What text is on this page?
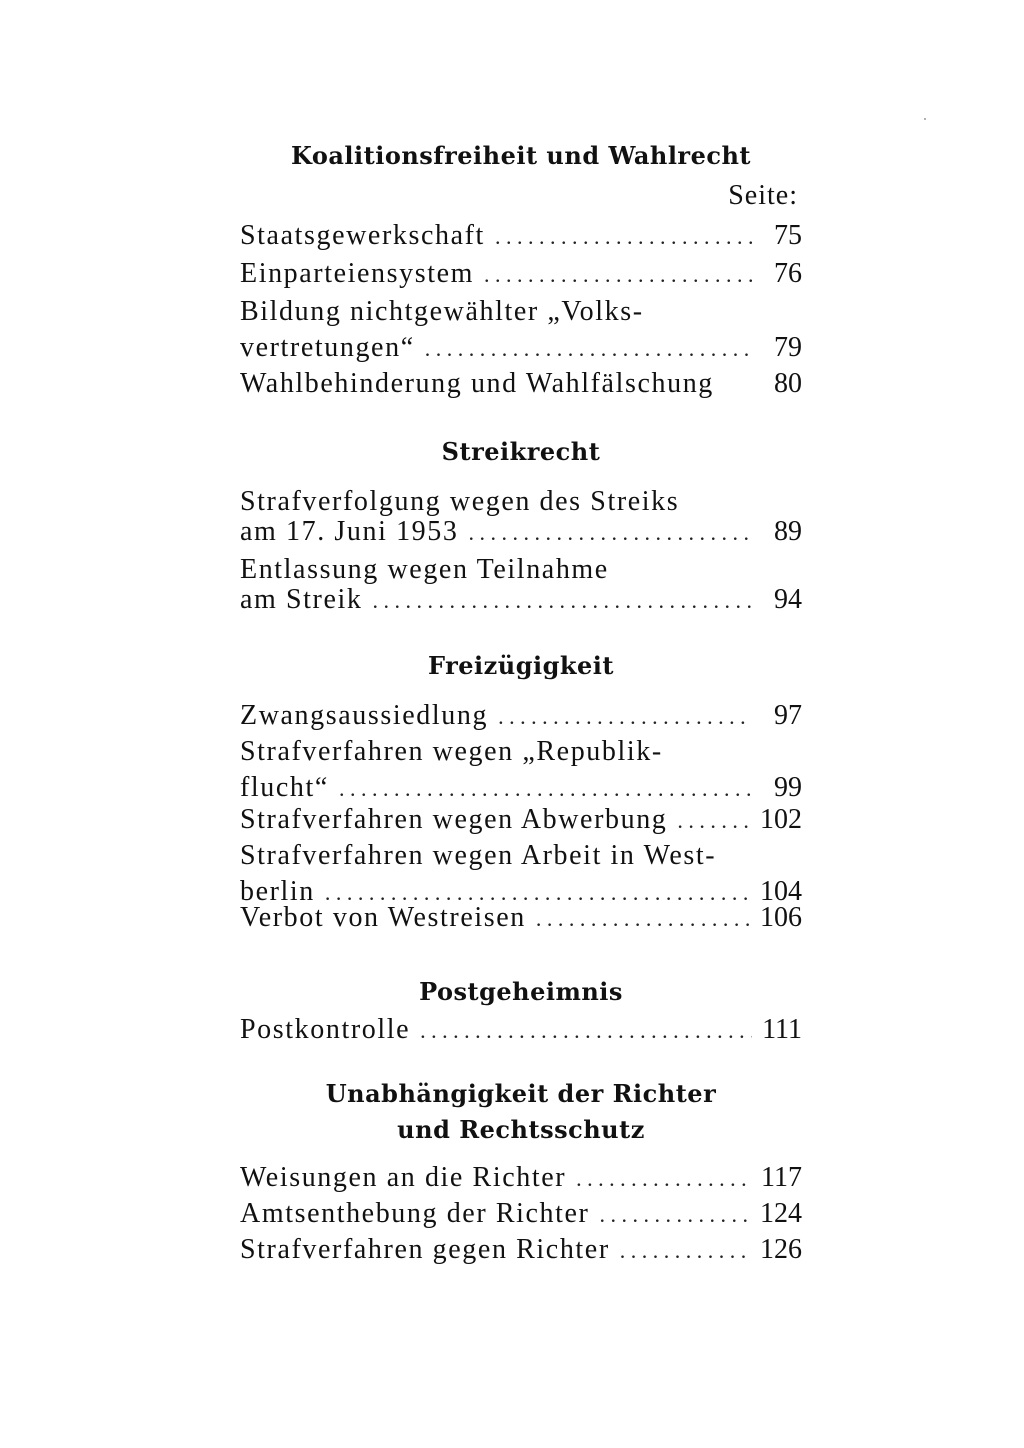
Koalitionsfreiheit und Wahlrecht
Seite:
Staatsgewerkschaft . . .	75
Einparteiensystem . . .	76
Bildung nichtgewählter „Volks-
vertretungen“ . . .	79
Wahlbehinderung und Wahlfälschung	80
Streikrecht
Strafverfolgung wegen des Streiks
am 17. Juni 1953 . . .	89
Entlassung wegen Teilnahme
am Streik . . .	94
Freizügigkeit
Zwangsaussiedlung . . .	97
Strafverfahren wegen „Republik-
flucht“ . . .	99
Strafverfahren wegen Abwerbung . . .	102
Strafverfahren wegen Arbeit in West-
berlin . . .	104
Verbot von Westreisen . . .	106
Postgeheimnis
Postkontrolle . . .	111
Unabhängigkeit der Richter
und Rechtsschutz
Weisungen an die Richter . . .	117
Amtsenthebung der Richter . . .	124
Strafverfahren gegen Richter . . .	126
